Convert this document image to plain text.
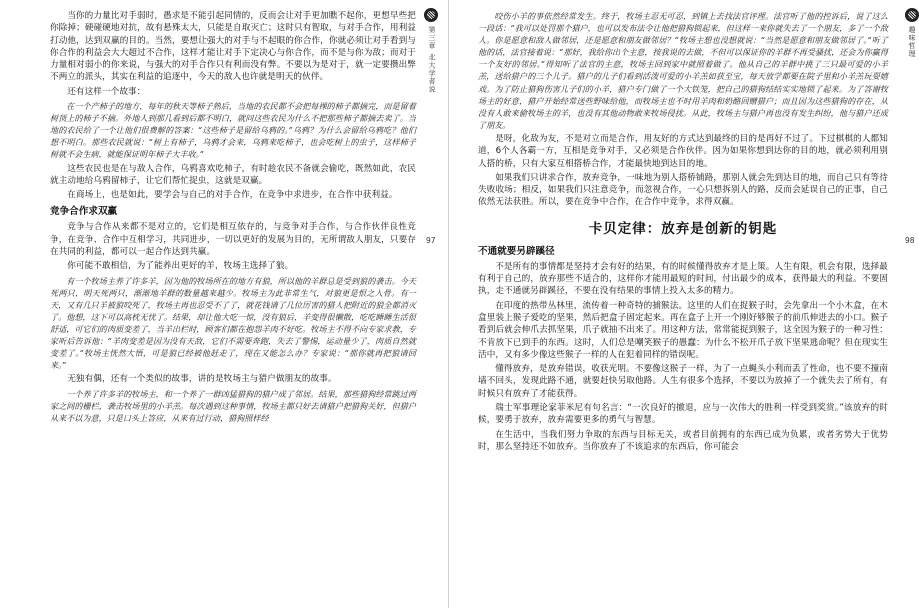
第三章 北大学者说
97

当你的力量比对手弱时，愚求是不能引起同情的，反而会让对手更加瞧不起你，更想早些把你除掉；硬碰硬地对抗，故有悬殊太大，只能是自取灭亡；这时只有智取，与对手合作，用利益打动他，达到双赢的目的。当然，要想让强大的对手与不起眼的你合作，你就必须让对手看到与你合作的利益会大大超过不合作，这样才能让对手下定决心与你合作，而不是与你为敌；而对于力量相对弱小的你来说，与强大的对手合作只有利而没有弊。不要以为是对于，就一定要攒出弊不两立的派头，其实在利益的追逐中，今天的敌人也许就是明天的伙伴。

还有这样一个故事：

在一个产柿子的地方，每年的秋天等柿子熟后，当地的农民都不会把每裸的柿子都摘完，而是留着树顶上的柿子不摘。外地人到那几看到后都不明白，就问这些农民为什么不把那些柿子都摘去卖了。当地的农民给了一个让他们很费解的答案：“这些柿子是留给乌鸦的。”乌鸦？为什么会留给乌鸦吃？他们想不明白。那些农民就说：“树上有柿子，乌鸦才会来，乌鸦来吃柿子，也会吃树上的虫子，这样柿子树就不会生病，就能保证明年柿子大丰收。”

这些农民也是在与敌人合作，乌鸦喜欢吃柿子，有时趁农民不备就会偷吃，既然如此，农民就主动地给乌鸦留柿子，让它们帮忙捉虫，这就是双赢。

在商场上，也是如此，要学会与自己的对手合作，在竞争中求进步，在合作中获利益。

竞争合作求双赢

竞争与合作从来都不是对立的，它们是相互依存的，与竞争对手合作，与合作伙伴良性竞争，在竞争、合作中互相学习，共同进步，一切以更好的发展为目的，无所谓敌人朋友，只要存在共同的利益，都可以一起合作达到共赢。

你可能不敢相信，为了能养出更好的羊，牧场主选择了狼。

有一个牧场主养了许多羊，因为他的牧场所在的地方有狼，所以他的羊群总是受到狼的袭击。今天死两只，明天死两只，渐渐地羊群的数量越来越少。牧场主为此非常生气，对狼更是恨之入骨。有一天，又有几只羊被狼咬死了，牧场主再也忍受不了了，就花钱请了几位厉害的猎人把附近的狼全都消灭了。他想，这下可以高枕无忧了。结果，却让他大吃一惊，没有狼后，羊变得很懒散，吃吃睡睡生活很舒适，可它们的肉质变差了，当羊出栏时，顾客们都在抱怨羊肉不好吃。牧场主不得不向专家求教，专家听后告诉他：“羊肉变差是因为没有天敌，它们不需要奔跑，失去了警惕，运动量少了，肉质自然就变差了。”牧场主恍然大悟，可是狼已经被他赶走了，现在又能怎么办？专家说：“那你就再把狼请回来。”

无独有偶，还有一个类似的故事，讲的是牧场主与猎户做朋友的故事。

一个养了许多羊的牧场主，和一个养了一群凶猛猎狗的猎户成了邻居。结果，那些猎狗经常跳过两家之间的栅栏，袭击牧场里的小羊羔。每次遇到这种事情，牧场主都只好去请猎户把猎狗关好，但猎户从来不以为意，只是口头上答应，从来有过行动，猎狗照样经

趣味哲理
98

咬伤小羊的事依然经常发生。终于，牧场主忍无可忍，到镇上去找法官评理。法官听了他的控诉后，说了这么一段话：“我可以处罚那个猎户，也可以发布法令让他把猎狗锁起来，但这样一来你就失去了一个朋友，多了一个敌人。你是愿意和敌人做邻居，还是愿意和朋友做邻居？”牧场主想也没想就说：“当然是愿意和朋友做邻居了。”听了他的话，法官接着说：“那好，我给你出个主意，按我说的去做，不但可以保证你的羊群不再受骚扰，还会为你赢得一个友好的邻居。”得知听了法官的主意，牧场主回到家中就照着做了。他从自己的羊群中挑了三只最可爱的小羊羔，送给猎户的三个儿子。猎户的儿子们看到活泼可爱的小羊羔如获至宝，每天放学都要在院子里和小羊羔玩耍嬉戏。为了防止猎狗伤害儿子们的小羊，猎户专门做了一个大铁笼，把自己的猎狗结结实实地锁了起来。为了答谢牧场主的好意，猎户开始经常送些野味给他，而牧场主也不时用羊肉和奶酪回赠猎户；而且因为这些猎狗的存在，从没有人敢来偷牧场主的羊，也没有其他动物敢来牧场侵扰。从此，牧场主与猎户再也没有发生纠纷，他与猎户还成了朋友。

是呀，化敌为友，不是对立而是合作，用友好的方式达到最终的目的是再好不过了。下过棋棋的人都知道，6个人各霸一方，互相是竞争对手，又必须是合作伙伴。因为如果你想到达你的目的地，就必须利用别人搭的桥，只有大家互相搭桥合作，才能最快地到达目的地。

如果我们只讲求合作，放弃竞争，一味地为别人搭桥铺路，那别人就会先到达目的地，而自己只有等待失败收场；相反，如果我们只注意竞争，而忽视合作，一心只想拆别人的路，反而会延误自己的正事，自己依然无法获胜。所以，要在竞争中合作，在合作中竞争，求得双赢。

卡贝定律：放弃是创新的钥匙
不通就要另辟蹊径

不是所有的事情都是坚持才会有好的结果，有的时候懂得放弃才是上策。人生有限，机会有限，选择最有利于自己的，放弃那些不适合的，这样你才能用最短的时间，付出最少的成本，获得最大的利益。不要固执，走不通就另辟蹊径，不要在没有结果的事情上投入太多的精力。

在印度的热带丛林里，流传着一种奇特的捕猴法。这里的人们在捉猴子时，会先拿出一个小木盒，在木盒里装上猴子爱吃的坚果，然后把盒子固定起来。再在盒子上开一个刚好够猴子的前爪伸进去的小口。猴子看到后就会伸爪去抓坚果，爪子就抽不出来了。用这种方法，常常能捉到猴子，这全因为猴子的一种习性：不肯放下已到手的东西。这时，人们总是嘲笑猴子的愚蠢：为什么不松开爪子放下坚果逃命呢？但在现实生活中，又有多少像这些猴子一样的人在犯着同样的错误呢。

懂得放弃，是放弃错误，收获光明。不要像这猴子一样，为了一点蝇头小利而丢了性命，也不要不撞南墙不回头，发现此路不通，就要赶快另取他路。人生有很多个选择，不要以为放掉了一个就失去了所有，有时候只有放弃了才能获得。

瑞士军事理论家菲米尼有句名言：“一次良好的撤退，应与一次伟大的胜利一样受到奖赏。”该放弃的时候，要勇于放弃，放弃需要更多的勇气与智慧。

在生活中，当我们努力争取的东西与目标无关，或者目前拥有的东西已成为负累，或者劣势大于优势时，那么坚持还不如放弃。当你放弃了不该追求的东西后，你可能会
